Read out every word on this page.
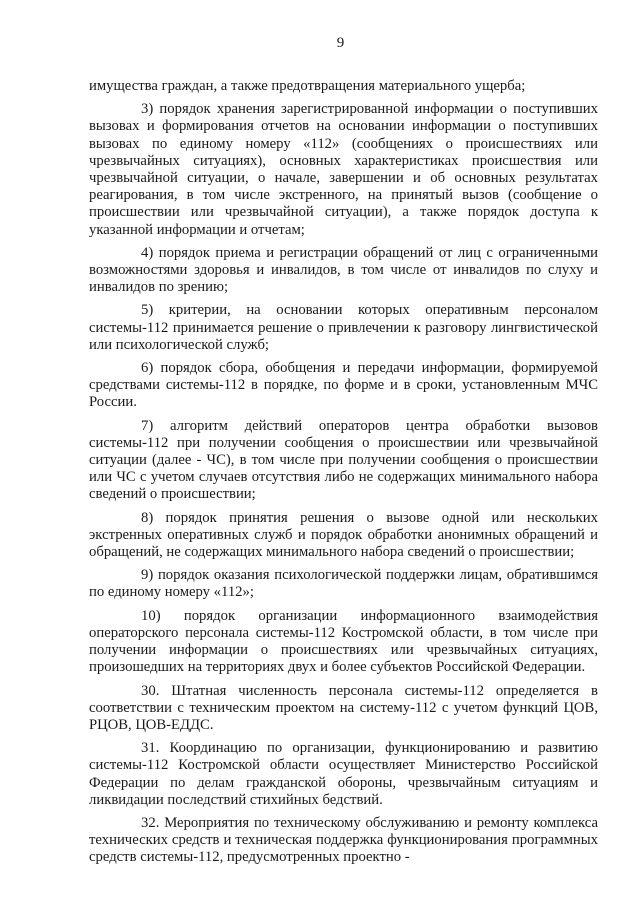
9

имущества граждан, а также предотвращения материального ущерба;

3) порядок хранения зарегистрированной информации о поступивших вызовах и формирования отчетов на основании информации о поступивших вызовах по единому номеру «112» (сообщениях о происшествиях или чрезвычайных ситуациях), основных характеристиках происшествия или чрезвычайной ситуации, о начале, завершении и об основных результатах реагирования, в том числе экстренного, на принятый вызов (сообщение о происшествии или чрезвычайной ситуации), а также порядок доступа к указанной информации и отчетам;

4) порядок приема и регистрации обращений от лиц с ограниченными возможностями здоровья и инвалидов, в том числе от инвалидов по слуху и инвалидов по зрению;

5) критерии, на основании которых оперативным персоналом системы-112 принимается решение о привлечении к разговору лингвистической или психологической служб;

6) порядок сбора, обобщения и передачи информации, формируемой средствами системы-112 в порядке, по форме и в сроки, установленным МЧС России.

7) алгоритм действий операторов центра обработки вызовов системы-112 при получении сообщения о происшествии или чрезвычайной ситуации (далее - ЧС), в том числе при получении сообщения о происшествии или ЧС с учетом случаев отсутствия либо не содержащих минимального набора сведений о происшествии;

8) порядок принятия решения о вызове одной или нескольких экстренных оперативных служб и порядок обработки анонимных обращений и обращений, не содержащих минимального набора сведений о происшествии;

9) порядок оказания психологической поддержки лицам, обратившимся по единому номеру «112»;

10) порядок организации информационного взаимодействия операторского персонала системы-112 Костромской области, в том числе при получении информации о происшествиях или чрезвычайных ситуациях, произошедших на территориях двух и более субъектов Российской Федерации.

30. Штатная численность персонала системы-112 определяется в соответствии с техническим проектом на систему-112 с учетом функций ЦОВ, РЦОВ, ЦОВ-ЕДДС.

31. Координацию по организации, функционированию и развитию системы-112 Костромской области осуществляет Министерство Российской Федерации по делам гражданской обороны, чрезвычайным ситуациям и ликвидации последствий стихийных бедствий.

32. Мероприятия по техническому обслуживанию и ремонту комплекса технических средств и техническая поддержка функционирования программных средств системы-112, предусмотренных проектно -
